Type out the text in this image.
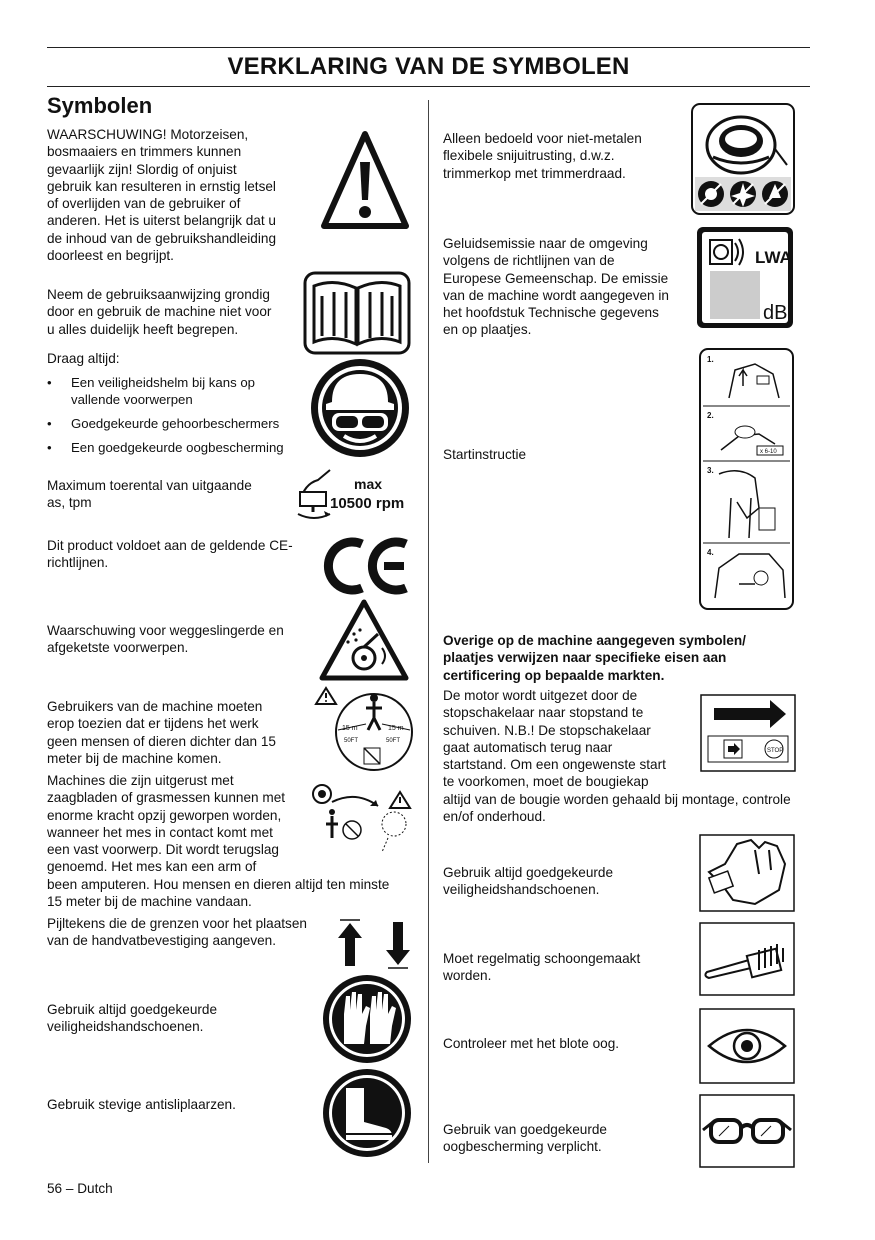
VERKLARING VAN DE SYMBOLEN
Symbolen
WAARSCHUWING! Motorzeisen,
bosmaaiers en trimmers kunnen
gevaarlijk zijn! Slordig of onjuist
gebruik kan resulteren in ernstig letsel
of overlijden van de gebruiker of
anderen. Het is uiterst belangrijk dat u
de inhoud van de gebruikshandleiding
doorleest en begrijpt.
Neem de gebruiksaanwijzing grondig
door en gebruik de machine niet voor
u alles duidelijk heeft begrepen.
Draag altijd:
• Een veiligheidshelm bij kans op
vallende voorwerpen
• Goedgekeurde gehoorbeschermers
• Een goedgekeurde oogbescherming
Maximum toerental van uitgaande
as, tpm
max
10500 rpm
Dit product voldoet aan de geldende CE-
richtlijnen.
Waarschuwing voor weggeslingerde en
afgeketste voorwerpen.
Gebruikers van de machine moeten
erop toezien dat er tijdens het werk
geen mensen of dieren dichter dan 15
meter bij de machine komen.
15 m
50FT
15 m
50FT
Machines die zijn uitgerust met
zaagbladen of grasmessen kunnen met
enorme kracht opzij geworpen worden,
wanneer het mes in contact komt met
een vast voorwerp. Dit wordt terugslag
genoemd. Het mes kan een arm of
been amputeren. Hou mensen en dieren altijd ten minste
15 meter bij de machine vandaan.
Pijltekens die de grenzen voor het plaatsen
van de handvatbevestiging aangeven.
Gebruik altijd goedgekeurde
veiligheidshandschoenen.
Gebruik stevige antisliplaarzen.
Alleen bedoeld voor niet-metalen
flexibele snijuitrusting, d.w.z.
trimmerkop met trimmerdraad.
Geluidsemissie naar de omgeving
volgens de richtlijnen van de
Europese Gemeenschap. De emissie
van de machine wordt aangegeven in
het hoofdstuk Technische gegevens
en op plaatjes.
LWA
dB
Startinstructie
1.
2.
3.
4.
x 6-10
Overige op de machine aangegeven symbolen/
plaatjes verwijzen naar specifieke eisen aan
certificering op bepaalde markten.
De motor wordt uitgezet door de
stopschakelaar naar stopstand te
schuiven. N.B.! De stopschakelaar
gaat automatisch terug naar
startstand. Om een ongewenste start
te voorkomen, moet de bougiekap
altijd van de bougie worden gehaald bij montage, controle
en/of onderhoud.
STOP
Gebruik altijd goedgekeurde
veiligheidshandschoenen.
Moet regelmatig schoongemaakt
worden.
Controleer met het blote oog.
Gebruik van goedgekeurde
oogbescherming verplicht.
56 – Dutch
